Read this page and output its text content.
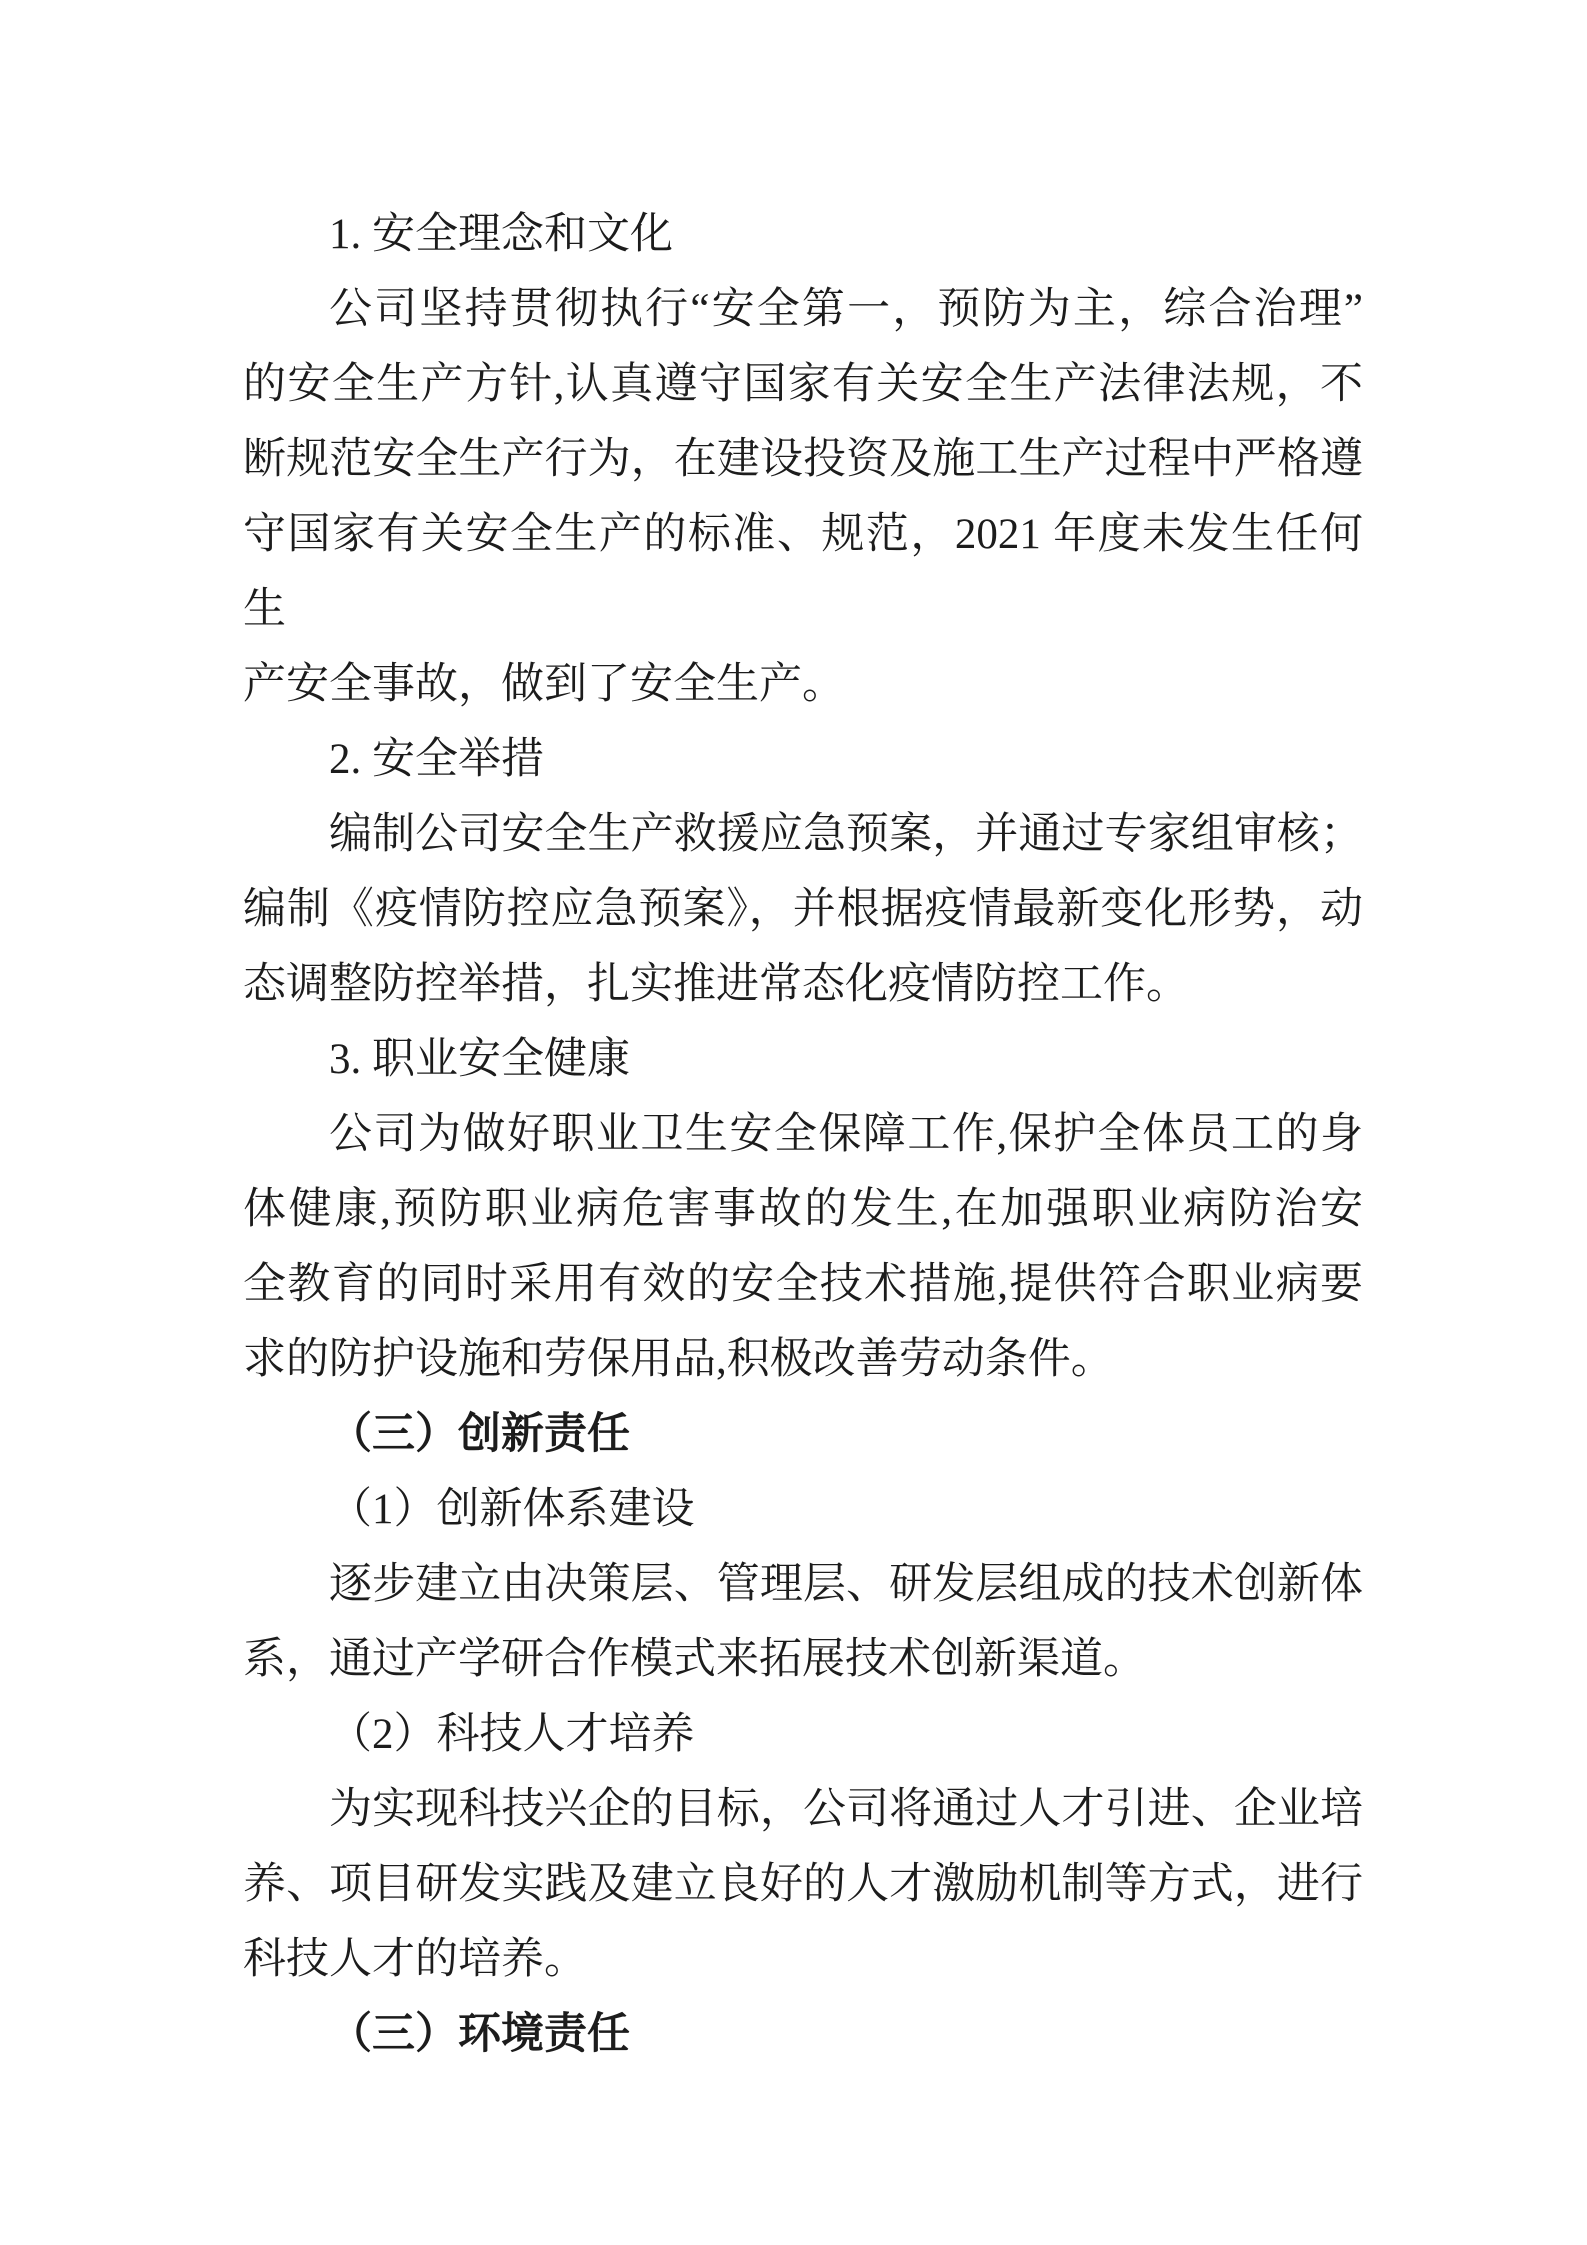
1. 安全理念和文化
公司坚持贯彻执行“安全第一，预防为主，综合治理”
的安全生产方针,认真遵守国家有关安全生产法律法规，不
断规范安全生产行为，在建设投资及施工生产过程中严格遵
守国家有关安全生产的标准、规范，2021 年度未发生任何生
产安全事故，做到了安全生产。
2. 安全举措
编制公司安全生产救援应急预案，并通过专家组审核；
编制《疫情防控应急预案》，并根据疫情最新变化形势，动
态调整防控举措，扎实推进常态化疫情防控工作。
3. 职业安全健康
公司为做好职业卫生安全保障工作,保护全体员工的身
体健康,预防职业病危害事故的发生,在加强职业病防治安
全教育的同时采用有效的安全技术措施,提供符合职业病要
求的防护设施和劳保用品,积极改善劳动条件。
（三）创新责任
（1）创新体系建设
逐步建立由决策层、管理层、研发层组成的技术创新体
系，通过产学研合作模式来拓展技术创新渠道。
（2）科技人才培养
为实现科技兴企的目标，公司将通过人才引进、企业培
养、项目研发实践及建立良好的人才激励机制等方式，进行
科技人才的培养。
（三）环境责任
